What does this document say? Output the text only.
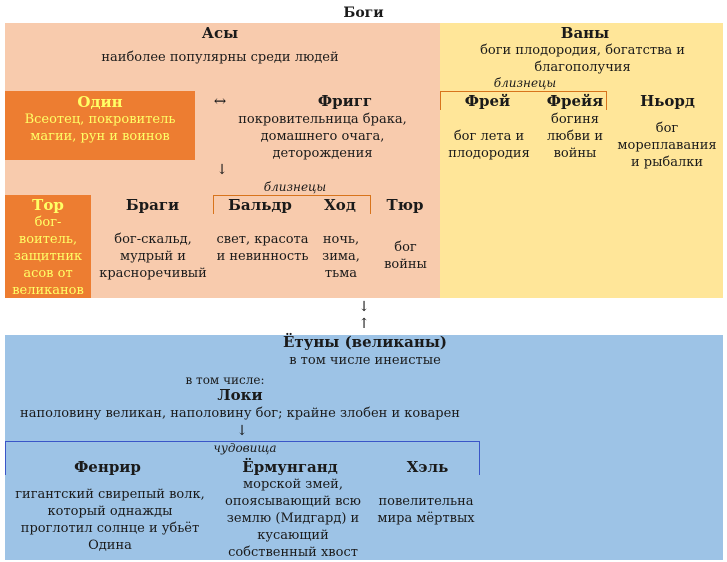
Боги
Асы
наиболее популярны среди людей
Один
Всеотец, покровитель магии, рун и воинов
↔	Фригг
покровительница брака, домашнего очага, деторождения
↓
близнецы
Тор
бог-воитель, защитник асов от великанов
Браги
бог-скальд, мудрый и красноречивый
Бальдр
свет, красота и невинность
Ход
ночь, зима, тьма
Тюр
бог войны
Ваны
боги плодородия, богатства и благополучия
близнецы
Фрей
бог лета и плодородия
Фрейя
богиня любви и войны
Ньорд
бог мореплавания и рыбалки
↓
↑
Ётуны (великаны)
в том числе инеистые
в том числе:
Локи
наполовину великан, наполовину бог; крайне злобен и коварен
↓
чудовища
Фенрир
гигантский свирепый волк, который однажды проглотил солнце и убьёт Одина
Ёрмунганд
морской змей, опоясывающий всю землю (Мидгард) и кусающий собственный хвост
Хэль
повелительна мира мёртвых
